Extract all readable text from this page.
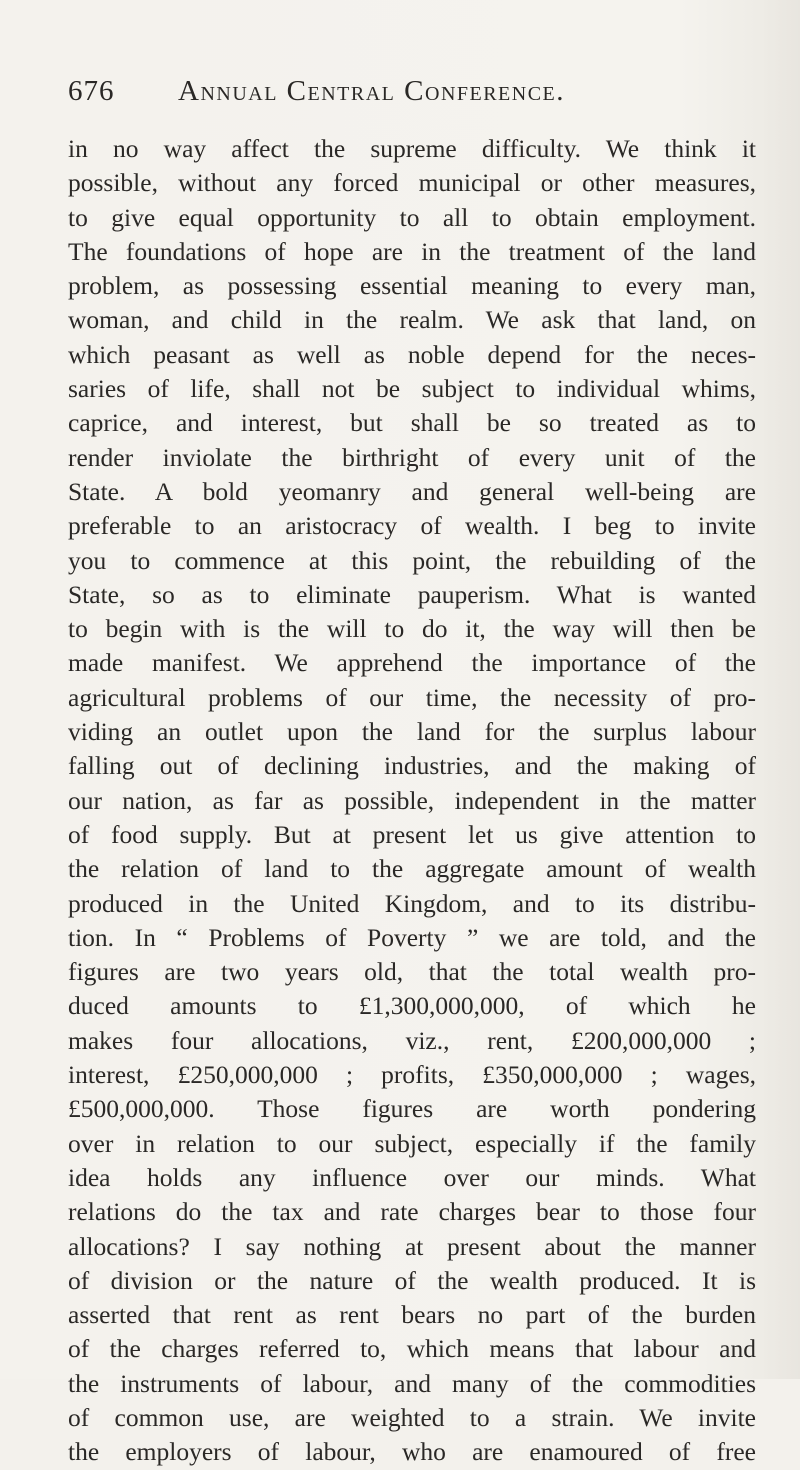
676 Annual Central Conference.
in no way affect the supreme difficulty. We think it
possible, without any forced municipal or other measures,
to give equal opportunity to all to obtain employment.
The foundations of hope are in the treatment of the land
problem, as possessing essential meaning to every man,
woman, and child in the realm. We ask that land, on
which peasant as well as noble depend for the neces-
saries of life, shall not be subject to individual whims,
caprice, and interest, but shall be so treated as to
render inviolate the birthright of every unit of the
State. A bold yeomanry and general well-being are
preferable to an aristocracy of wealth. I beg to invite
you to commence at this point, the rebuilding of the
State, so as to eliminate pauperism. What is wanted
to begin with is the will to do it, the way will then be
made manifest. We apprehend the importance of the
agricultural problems of our time, the necessity of pro-
viding an outlet upon the land for the surplus labour
falling out of declining industries, and the making of
our nation, as far as possible, independent in the matter
of food supply. But at present let us give attention to
the relation of land to the aggregate amount of wealth
produced in the United Kingdom, and to its distribu-
tion. In “ Problems of Poverty ” we are told, and the
figures are two years old, that the total wealth pro-
duced amounts to £1,300,000,000, of which he
makes four allocations, viz., rent, £200,000,000 ;
interest, £250,000,000 ; profits, £350,000,000 ; wages,
£500,000,000. Those figures are worth pondering
over in relation to our subject, especially if the family
idea holds any influence over our minds. What
relations do the tax and rate charges bear to those four
allocations? I say nothing at present about the manner
of division or the nature of the wealth produced. It is
asserted that rent as rent bears no part of the burden
of the charges referred to, which means that labour and
the instruments of labour, and many of the commodities
of common use, are weighted to a strain. We invite
the employers of labour, who are enamoured of free
